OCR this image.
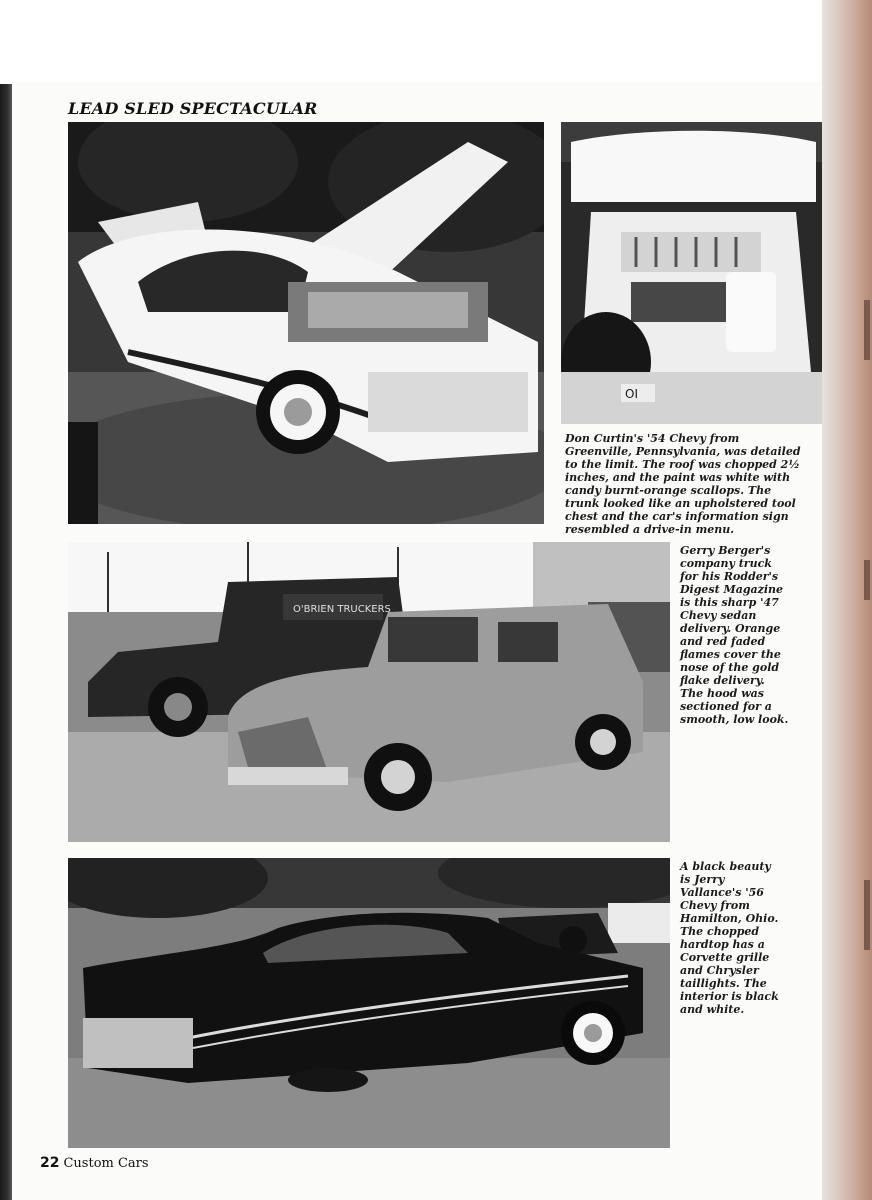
LEAD SLED SPECTACULAR
OI

Don Curtin's '54 Chevy from
Greenville, Pennsylvania, was detailed
to the limit. The roof was chopped 2½
inches, and the paint was white with
candy burnt-orange scallops. The
trunk looked like an upholstered tool
chest and the car's information sign
resembled a drive-in menu.

O'BRIEN TRUCKERS

Gerry Berger's
company truck
for his Rodder's
Digest Magazine
is this sharp '47
Chevy sedan
delivery. Orange
and red faded
flames cover the
nose of the gold
flake delivery.
The hood was
sectioned for a
smooth, low look.

A black beauty
is Jerry
Vallance's '56
Chevy from
Hamilton, Ohio.
The chopped
hardtop has a
Corvette grille
and Chrysler
taillights. The
interior is black
and white.

22 Custom Cars
